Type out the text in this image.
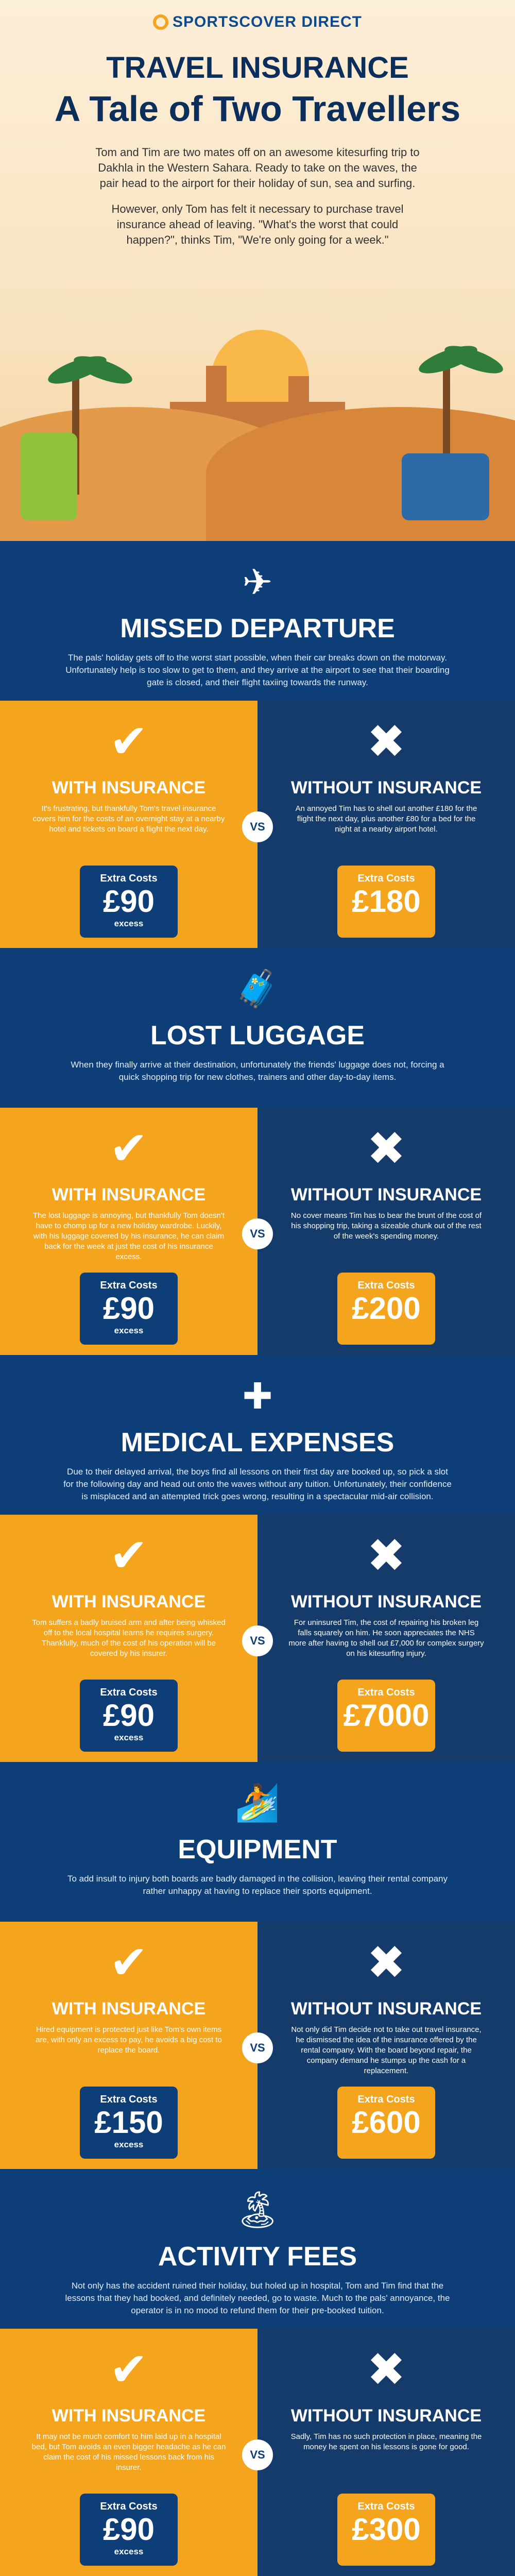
SPORTSCOVER DIRECT
TRAVEL INSURANCE
A Tale of Two Travellers

Tom and Tim are two mates off on an awesome kitesurfing trip to Dakhla in the Western Sahara. Ready to take on the waves, the pair head to the airport for their holiday of sun, sea and surfing.

However, only Tom has felt it necessary to purchase travel insurance ahead of leaving. "What's the worst that could happen?", thinks Tim, "We're only going for a week."

✈
MISSED DEPARTURE
The pals' holiday gets off to the worst start possible, when their car breaks down on the motorway. Unfortunately help is too slow to get to them, and they arrive at the airport to see that their boarding gate is closed, and their flight taxiing towards the runway.
VS
✔
WITH INSURANCE
It's frustrating, but thankfully Tom's travel insurance covers him for the costs of an overnight stay at a nearby hotel and tickets on board a flight the next day.
Extra Costs
£90
excess
✖
WITHOUT INSURANCE
An annoyed Tim has to shell out another £180 for the flight the next day, plus another £80 for a bed for the night at a nearby airport hotel.
Extra Costs
£180
🧳
LOST LUGGAGE
When they finally arrive at their destination, unfortunately the friends' luggage does not, forcing a quick shopping trip for new clothes, trainers and other day-to-day items.
VS
✔
WITH INSURANCE
The lost luggage is annoying, but thankfully Tom doesn't have to chomp up for a new holiday wardrobe. Luckily, with his luggage covered by his insurance, he can claim back for the week at just the cost of his insurance excess.
Extra Costs
£90
excess
✖
WITHOUT INSURANCE
No cover means Tim has to bear the brunt of the cost of his shopping trip, taking a sizeable chunk out of the rest of the week's spending money.
Extra Costs
£200
✚
MEDICAL EXPENSES
Due to their delayed arrival, the boys find all lessons on their first day are booked up, so pick a slot for the following day and head out onto the waves without any tuition. Unfortunately, their confidence is misplaced and an attempted trick goes wrong, resulting in a spectacular mid-air collision.
VS
✔
WITH INSURANCE
Tom suffers a badly bruised arm and after being whisked off to the local hospital learns he requires surgery. Thankfully, much of the cost of his operation will be covered by his insurer.
Extra Costs
£90
excess
✖
WITHOUT INSURANCE
For uninsured Tim, the cost of repairing his broken leg falls squarely on him. He soon appreciates the NHS more after having to shell out £7,000 for complex surgery on his kitesurfing injury.
Extra Costs
£7000
🏄
EQUIPMENT
To add insult to injury both boards are badly damaged in the collision, leaving their rental company rather unhappy at having to replace their sports equipment.
VS
✔
WITH INSURANCE
Hired equipment is protected just like Tom's own items are, with only an excess to pay, he avoids a big cost to replace the board.
Extra Costs
£150
excess
✖
WITHOUT INSURANCE
Not only did Tim decide not to take out travel insurance, he dismissed the idea of the insurance offered by the rental company. With the board beyond repair, the company demand he stumps up the cash for a replacement.
Extra Costs
£600
🏝
ACTIVITY FEES
Not only has the accident ruined their holiday, but holed up in hospital, Tom and Tim find that the lessons that they had booked, and definitely needed, go to waste. Much to the pals' annoyance, the operator is in no mood to refund them for their pre-booked tuition.
VS
✔
WITH INSURANCE
It may not be much comfort to him laid up in a hospital bed, but Tom avoids an even bigger headache as he can claim the cost of his missed lessons back from his insurer.
Extra Costs
£90
excess
✖
WITHOUT INSURANCE
Sadly, Tim has no such protection in place, meaning the money he spent on his lessons is gone for good.
Extra Costs
£300
